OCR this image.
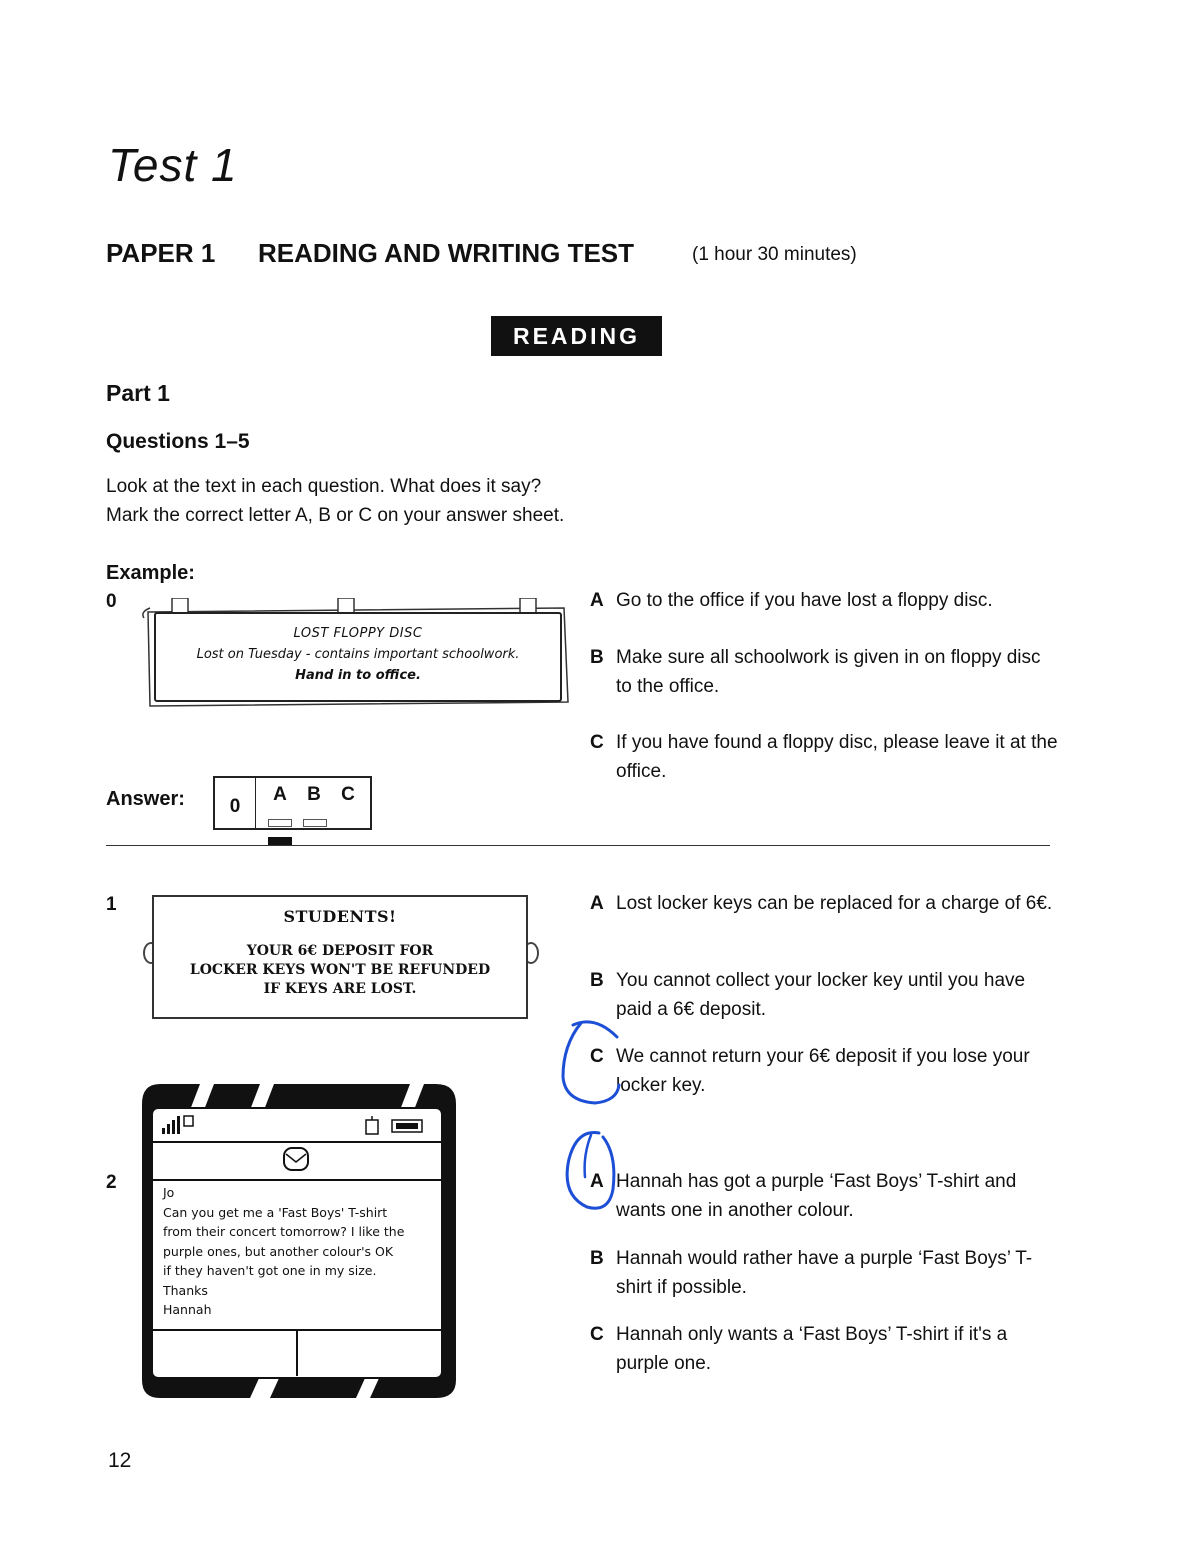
Test 1
PAPER 1 READING AND WRITING TEST	(1 hour 30 minutes)
READING
Part 1
Questions 1–5
Look at the text in each question. What does it say?
Mark the correct letter A, B or C on your answer sheet.
Example:
0
LOST FLOPPY DISC
Lost on Tuesday - contains important schoolwork.
Hand in to office.
A Go to the office if you have lost a floppy disc.
B Make sure all schoolwork is given in on floppy disc to the office.
C If you have found a floppy disc, please leave it at the office.
Answer:	0
A B C
1
STUDENTS!
YOUR 6€ DEPOSIT FOR
LOCKER KEYS WON'T BE REFUNDED
IF KEYS ARE LOST.
A Lost locker keys can be replaced for a charge of 6€.
B You cannot collect your locker key until you have paid a 6€ deposit.
C We cannot return your 6€ deposit if you lose your locker key.
2	Jo
Can you get me a 'Fast Boys' T-shirt
from their concert tomorrow? I like the
purple ones, but another colour's OK
if they haven't got one in my size.
Thanks
Hannah
A Hannah has got a purple ‘Fast Boys’ T-shirt and wants one in another colour.
B Hannah would rather have a purple ‘Fast Boys’ T-shirt if possible.
C Hannah only wants a ‘Fast Boys’ T-shirt if it's a purple one.
12
